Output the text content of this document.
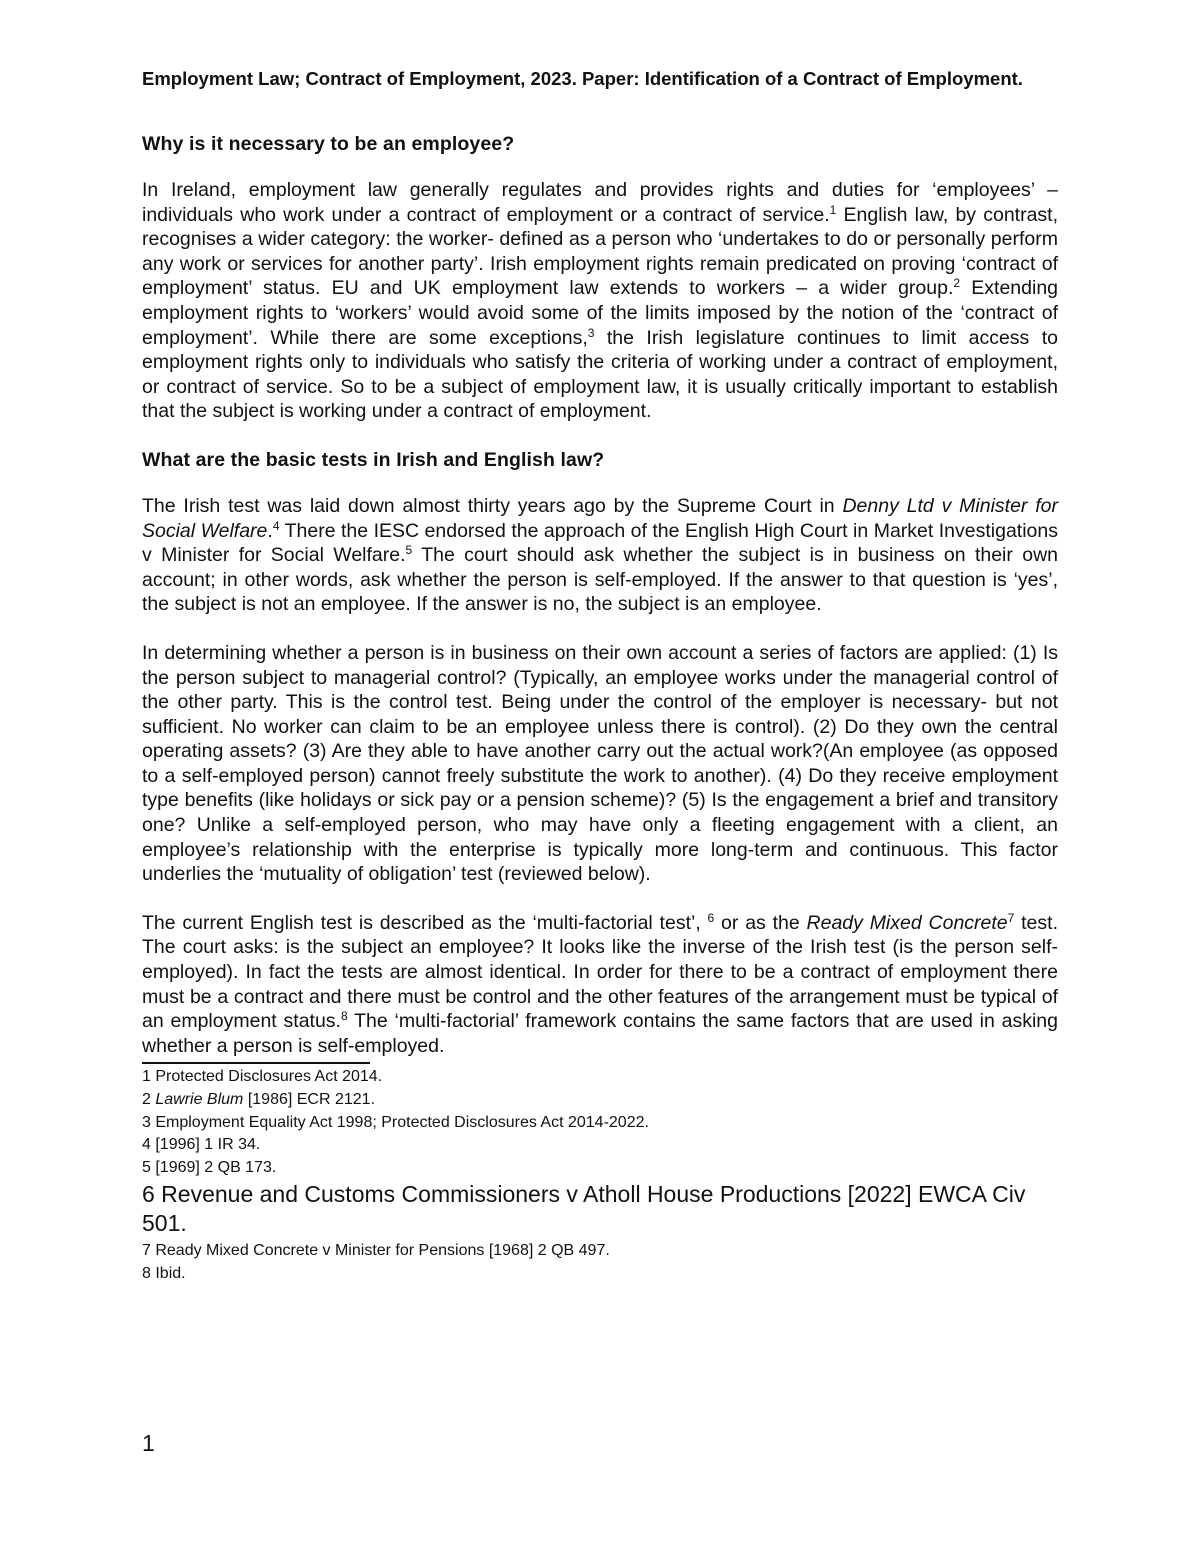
Employment Law; Contract of Employment, 2023. Paper: Identification of a Contract of Employment.
Why is it necessary to be an employee?

In Ireland, employment law generally regulates and provides rights and duties for ‘employees’ – individuals who work under a contract of employment or a contract of service.$^1$ English law, by contrast, recognises a wider category: the worker- defined as a person who ‘undertakes to do or personally perform any work or services for another party’. Irish employment rights remain predicated on proving ‘contract of employment’ status. EU and UK employment law extends to workers – a wider group.$^2$ Extending employment rights to ‘workers’ would avoid some of the limits imposed by the notion of the ‘contract of employment’. While there are some exceptions,$^3$ the Irish legislature continues to limit access to employment rights only to individuals who satisfy the criteria of working under a contract of employment, or contract of service. So to be a subject of employment law, it is usually critically important to establish that the subject is working under a contract of employment.

What are the basic tests in Irish and English law?

The Irish test was laid down almost thirty years ago by the Supreme Court in Denny Ltd v Minister for Social Welfare.$^4$ There the IESC endorsed the approach of the English High Court in Market Investigations v Minister for Social Welfare.$^5$ The court should ask whether the subject is in business on their own account; in other words, ask whether the person is self-employed. If the answer to that question is ‘yes’, the subject is not an employee. If the answer is no, the subject is an employee.

In determining whether a person is in business on their own account a series of factors are applied: (1) Is the person subject to managerial control? (Typically, an employee works under the managerial control of the other party. This is the control test. Being under the control of the employer is necessary- but not sufficient. No worker can claim to be an employee unless there is control). (2) Do they own the central operating assets? (3) Are they able to have another carry out the actual work?(An employee (as opposed to a self-employed person) cannot freely substitute the work to another). (4) Do they receive employment type benefits (like holidays or sick pay or a pension scheme)? (5) Is the engagement a brief and transitory one? Unlike a self-employed person, who may have only a fleeting engagement with a client, an employee’s relationship with the enterprise is typically more long-term and continuous. This factor underlies the ‘mutuality of obligation’ test (reviewed below).

The current English test is described as the ‘multi-factorial test’, $^6$ or as the Ready Mixed Concrete$^7$ test. The court asks: is the subject an employee? It looks like the inverse of the Irish test (is the person self-employed). In fact the tests are almost identical. In order for there to be a contract of employment there must be a contract and there must be control and the other features of the arrangement must be typical of an employment status.$^8$ The ‘multi-factorial’ framework contains the same factors that are used in asking whether a person is self-employed.

1 Protected Disclosures Act 2014.

2 Lawrie Blum [1986] ECR 2121.

3 Employment Equality Act 1998; Protected Disclosures Act 2014-2022.

4 [1996] 1 IR 34.

5 [1969] 2 QB 173.

6 Revenue and Customs Commissioners v Atholl House Productions [2022] EWCA Civ 501.

7 Ready Mixed Concrete v Minister for Pensions [1968] 2 QB 497.

8 Ibid.

1
